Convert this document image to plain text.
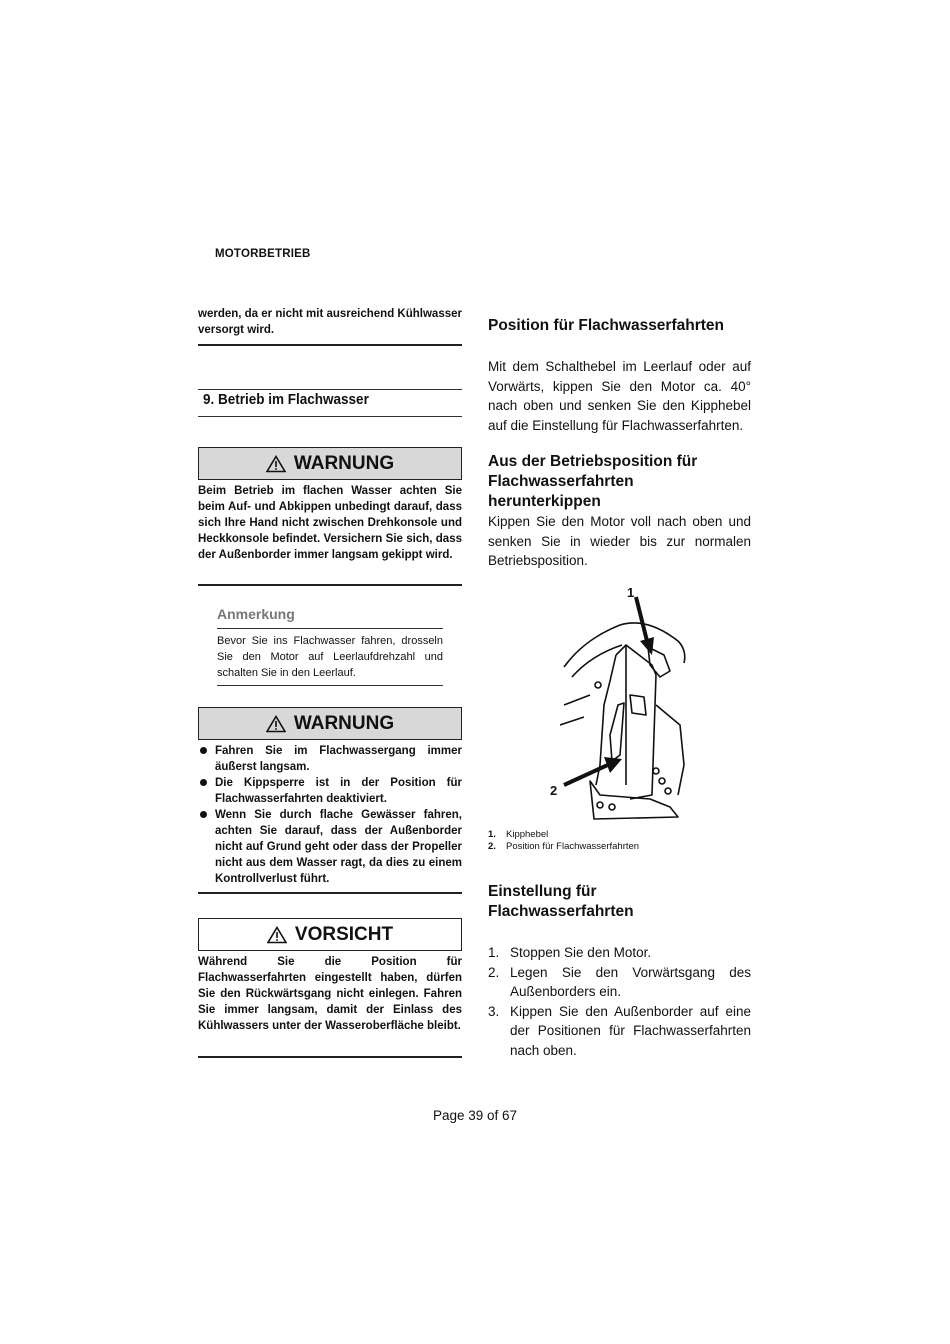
MOTORBETRIEB
werden, da er nicht mit ausreichend Kühlwasser versorgt wird.
9. Betrieb im Flachwasser
WARNUNG
Beim Betrieb im flachen Wasser achten Sie beim Auf- und Abkippen unbedingt darauf, dass sich Ihre Hand nicht zwischen Drehkonsole und Heckkonsole befindet. Versichern Sie sich, dass der Außenborder immer langsam gekippt wird.
Anmerkung
Bevor Sie ins Flachwasser fahren, drosseln Sie den Motor auf Leerlaufdrehzahl und schalten Sie in den Leerlauf.
WARNUNG
Fahren Sie im Flachwassergang immer äußerst langsam.
Die Kippsperre ist in der Position für Flachwasserfahrten deaktiviert.
Wenn Sie durch flache Gewässer fahren, achten Sie darauf, dass der Außenborder nicht auf Grund geht oder dass der Propeller nicht aus dem Wasser ragt, da dies zu einem Kontrollverlust führt.
VORSICHT
Während Sie die Position für Flachwasserfahrten eingestellt haben, dürfen Sie den Rückwärtsgang nicht einlegen. Fahren Sie immer langsam, damit der Einlass des Kühlwassers unter der Wasseroberfläche bleibt.
Position für Flachwasserfahrten
Mit dem Schalthebel im Leerlauf oder auf Vorwärts, kippen Sie den Motor ca. 40° nach oben und senken Sie den Kipphebel auf die Einstellung für Flachwasserfahrten.
Aus der Betriebsposition für Flachwasserfahrten herunterkippen
Kippen Sie den Motor voll nach oben und senken Sie in wieder bis zur normalen Betriebsposition.
1
2
1. Kipphebel
2. Position für Flachwasserfahrten
Einstellung für Flachwasserfahrten
1. Stoppen Sie den Motor.
2. Legen Sie den Vorwärtsgang des Außenborders ein.
3. Kippen Sie den Außenborder auf eine der Positionen für Flachwasserfahrten nach oben.
Page 39 of 67
